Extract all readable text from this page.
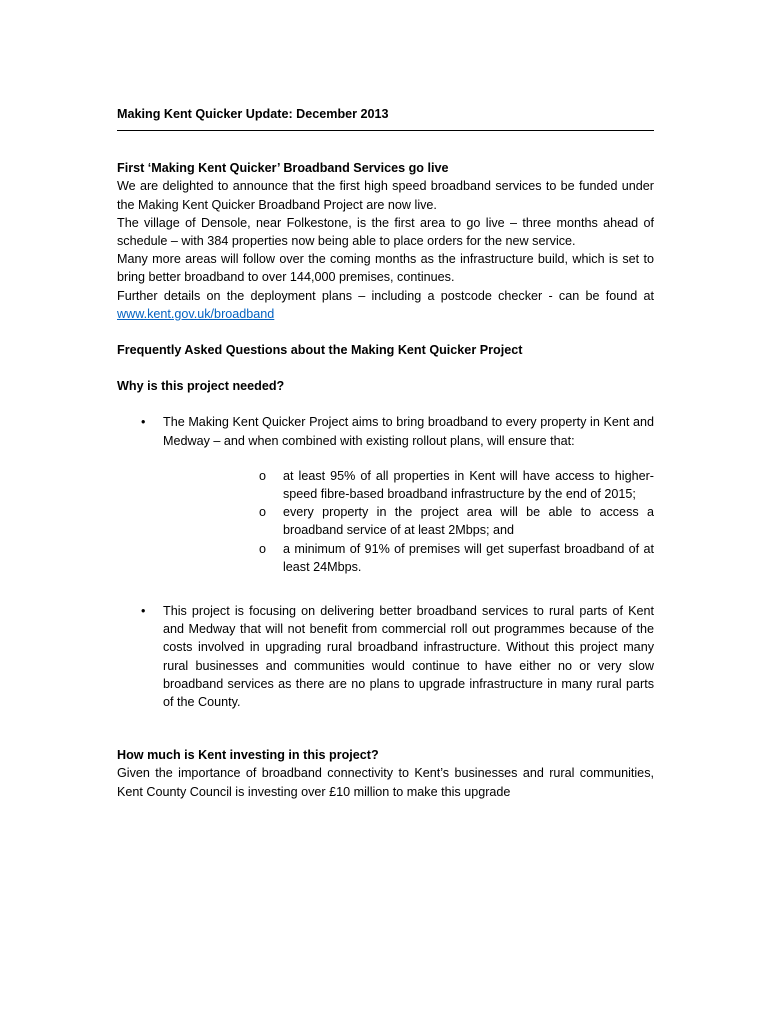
Making Kent Quicker Update: December 2013

First ‘Making Kent Quicker’ Broadband Services go live

We are delighted to announce that the first high speed broadband services to be funded under the Making Kent Quicker Broadband Project are now live.

The village of Densole, near Folkestone, is the first area to go live – three months ahead of schedule – with 384 properties now being able to place orders for the new service.

Many more areas will follow over the coming months as the infrastructure build, which is set to bring better broadband to over 144,000 premises, continues.

Further details on the deployment plans – including a postcode checker - can be found at www.kent.gov.uk/broadband

Frequently Asked Questions about the Making Kent Quicker Project

Why is this project needed?

• The Making Kent Quicker Project aims to bring broadband to every property in Kent and Medway – and when combined with existing rollout plans, will ensure that:
o at least 95% of all properties in Kent will have access to higher-speed fibre-based broadband infrastructure by the end of 2015;
o every property in the project area will be able to access a broadband service of at least 2Mbps; and
o a minimum of 91% of premises will get superfast broadband of at least 24Mbps.
• This project is focusing on delivering better broadband services to rural parts of Kent and Medway that will not benefit from commercial roll out programmes because of the costs involved in upgrading rural broadband infrastructure. Without this project many rural businesses and communities would continue to have either no or very slow broadband services as there are no plans to upgrade infrastructure in many rural parts of the County.

How much is Kent investing in this project?

Given the importance of broadband connectivity to Kent’s businesses and rural communities, Kent County Council is investing over £10 million to make this upgrade
